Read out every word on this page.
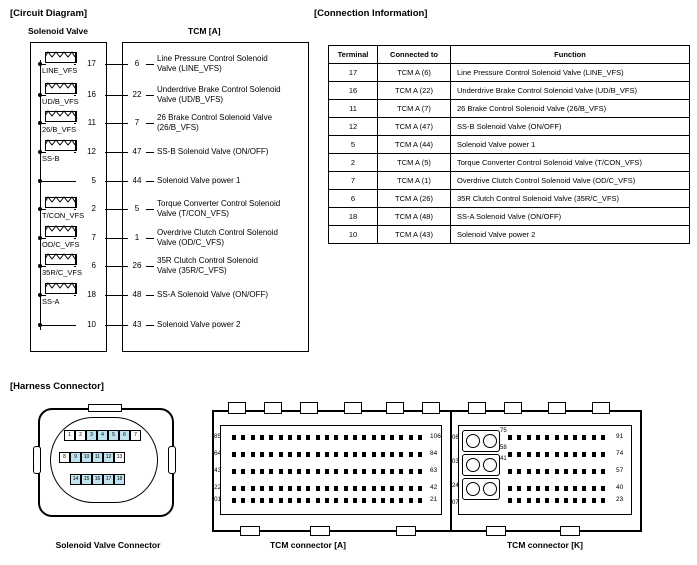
[Circuit Diagram]
Solenoid Valve	TCM [A]
17	6
Line Pressure Control Solenoid
Valve (LINE_VFS)
LINE_VFS
16	22
Underdrive Brake Control Solenoid
Valve (UD/B_VFS)
UD/B_VFS
11	7
26 Brake Control Solenoid Valve
(26/B_VFS)
26/B_VFS
12	47	SS-B Solenoid Valve (ON/OFF)
SS-B
5	44	Solenoid Valve power 1
2	5
Torque Converter Control Solenoid
Valve (T/CON_VFS)
T/CON_VFS
7	1
Overdrive Clutch Control Solenoid
Valve (OD/C_VFS)
OD/C_VFS
6	26
35R Clutch Control Solenoid
Valve (35R/C_VFS)
35R/C_VFS
18	48	SS-A Solenoid Valve (ON/OFF)
SS-A
10	43	Solenoid Valve power 2
[Connection Information]
Terminal	Connected to	Function
17	TCM A (6)	Line Pressure Control Solenoid Valve (LINE_VFS)
16	TCM A (22)	Underdrive Brake Control Solenoid Valve (UD/B_VFS)
11	TCM A (7)	26 Brake Control Solenoid Valve (26/B_VFS)
12	TCM A (47)	SS-B Solenoid Valve (ON/OFF)
5	TCM A (44)	Solenoid Valve power 1
2	TCM A (5)	Torque Converter Control Solenoid Valve (T/CON_VFS)
7	TCM A (1)	Overdrive Clutch Control Solenoid Valve (OD/C_VFS)
6	TCM A (26)	35R Clutch Control Solenoid Valve (35R/C_VFS)
18	TCM A (48)	SS-A Solenoid Valve (ON/OFF)
10	TCM A (43)	Solenoid Valve power 2
[Harness Connector]
1	2	3	4	5	6	7
8	9	10	11	12	13
14	15	16	17	18
Solenoid Valve Connector
85	106
64	84
43	63
22	42
01	21
TCM connector [A]
06
03
24
07
91
74
57
40
23
75
58
41
TCM connector [K]
